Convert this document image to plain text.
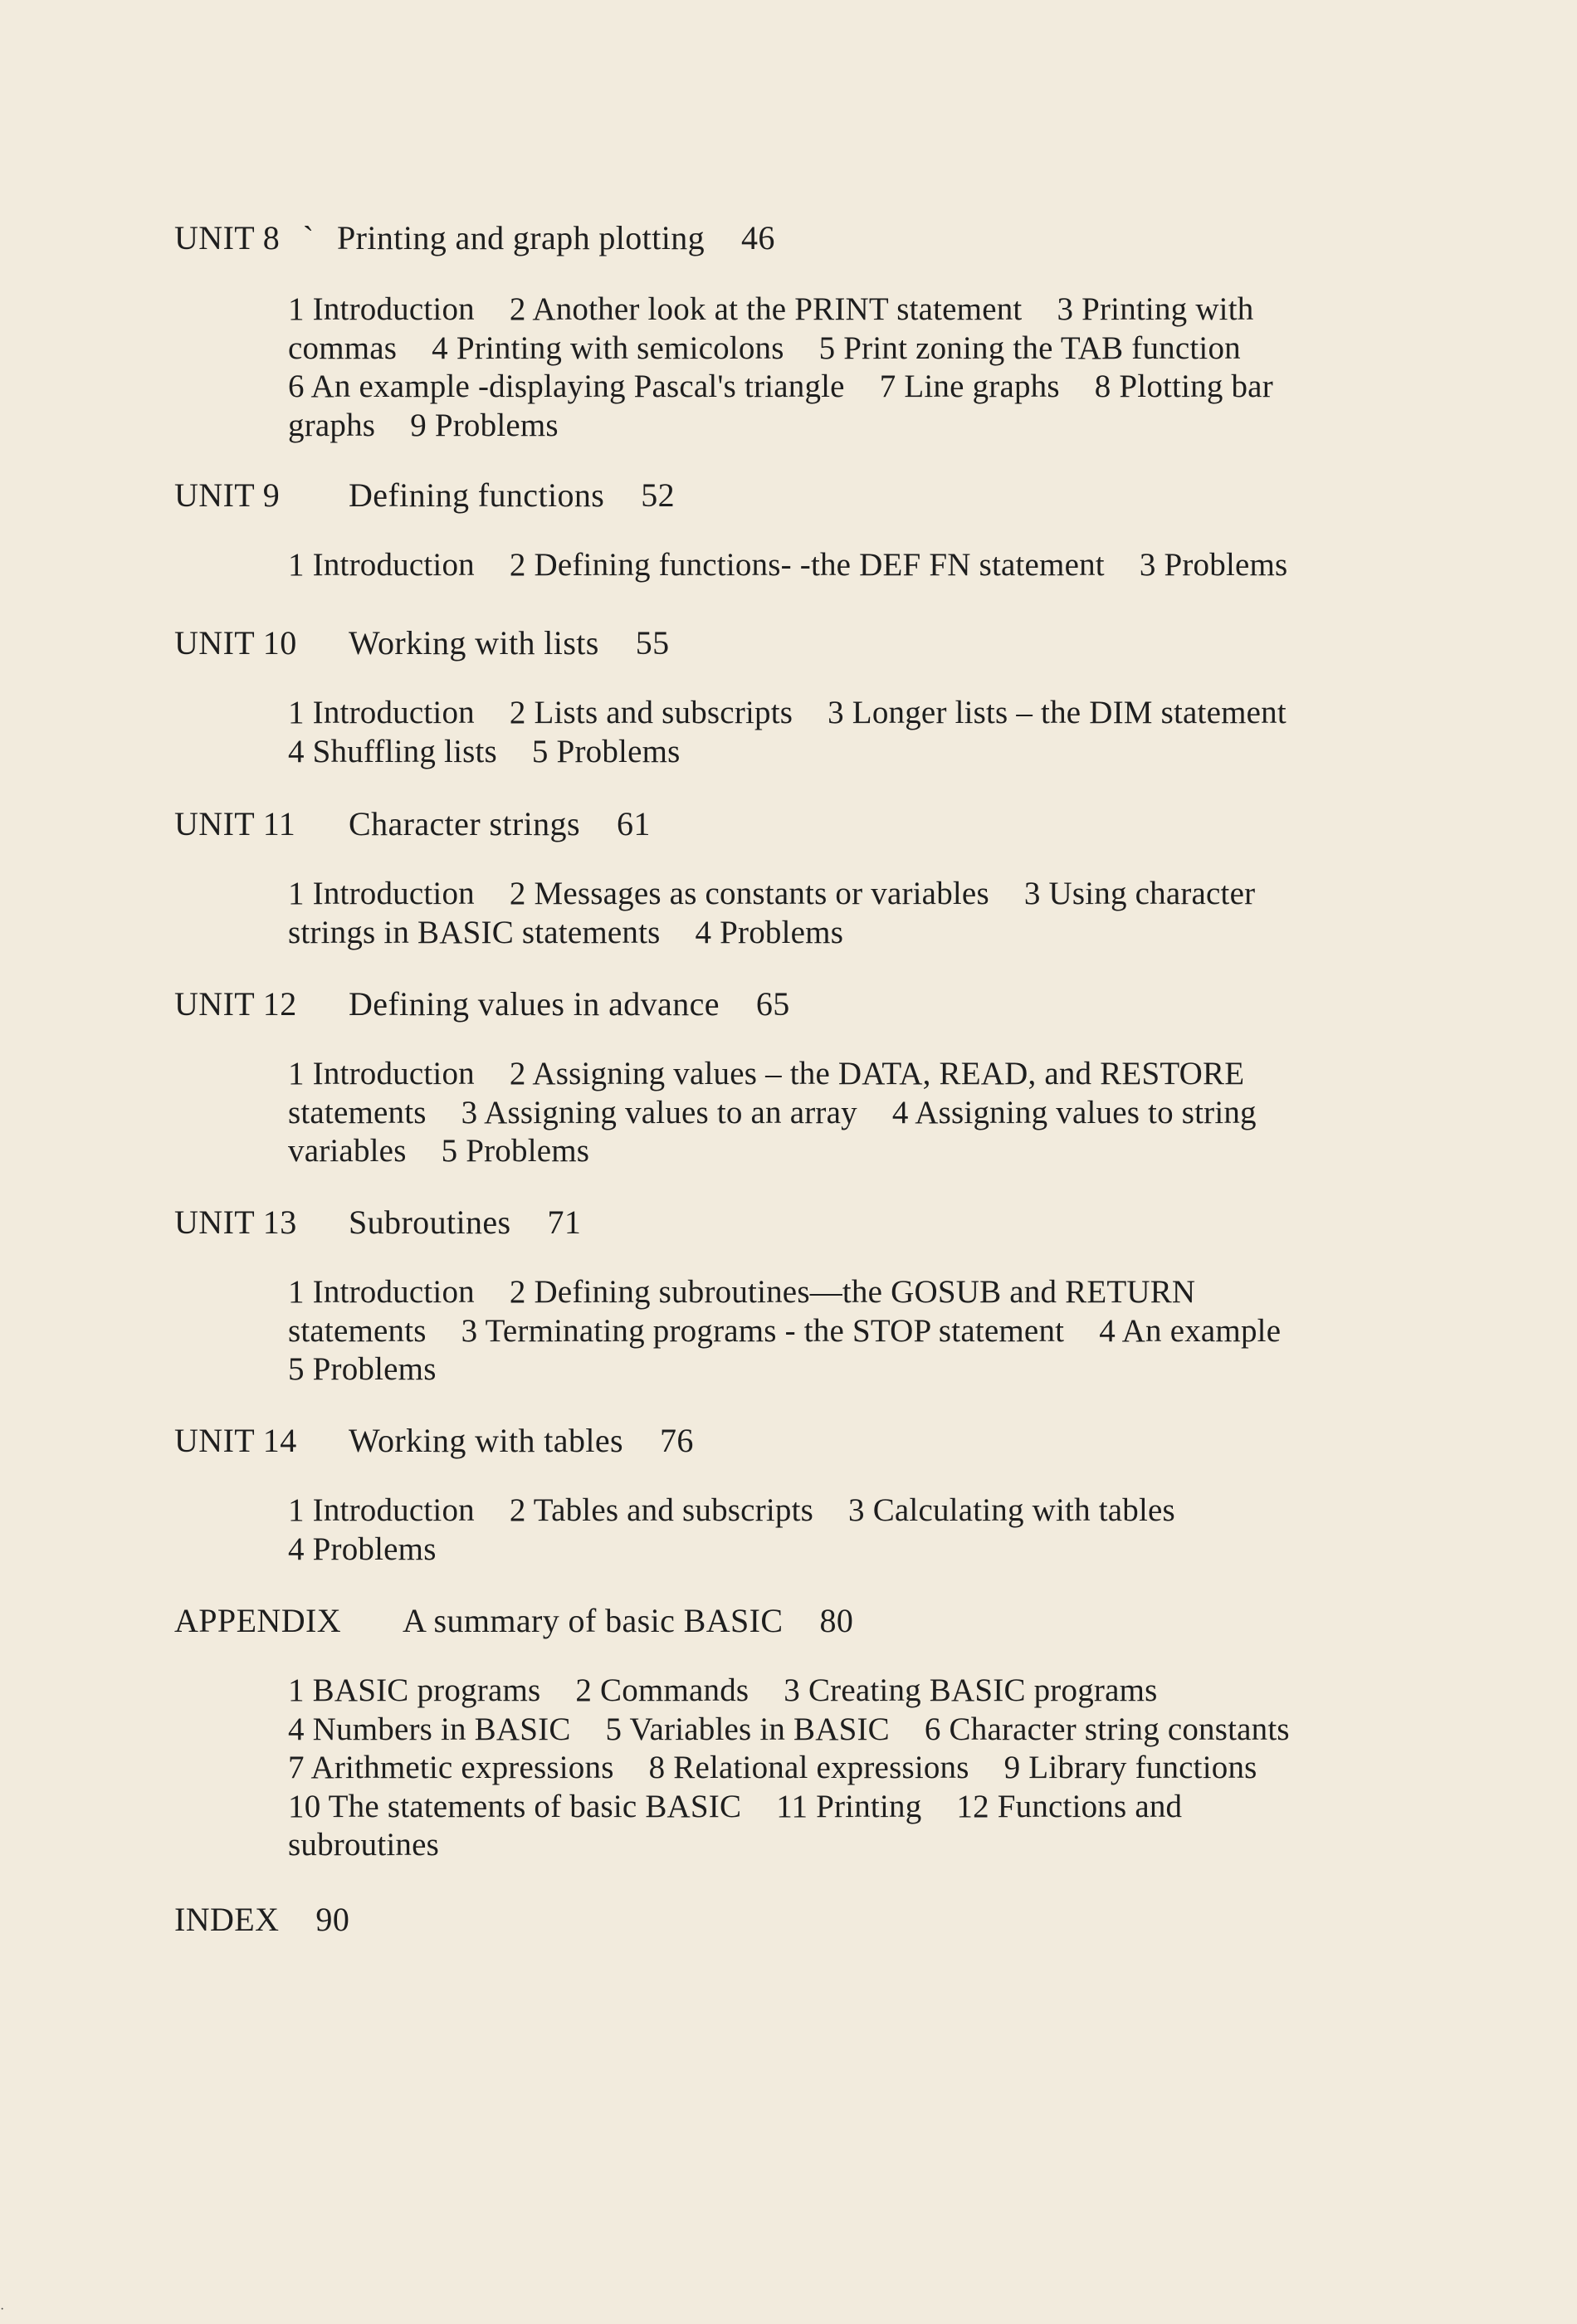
UNIT 8 ` Printing and graph plotting 46
1 Introduction 2 Another look at the PRINT statement 3 Printing with
commas 4 Printing with semicolons 5 Print zoning the TAB function
6 An example -displaying Pascal's triangle 7 Line graphs 8 Plotting bar
graphs 9 Problems
UNIT 9 Defining functions 52
1 Introduction 2 Defining functions- -the DEF FN statement 3 Problems
UNIT 10 Working with lists 55
1 Introduction 2 Lists and subscripts 3 Longer lists – the DIM statement
4 Shuffling lists 5 Problems
UNIT 11 Character strings 61
1 Introduction 2 Messages as constants or variables 3 Using character
strings in BASIC statements 4 Problems
UNIT 12 Defining values in advance 65
1 Introduction 2 Assigning values – the DATA, READ, and RESTORE
statements 3 Assigning values to an array 4 Assigning values to string
variables 5 Problems
UNIT 13 Subroutines 71
1 Introduction 2 Defining subroutines—the GOSUB and RETURN
statements 3 Terminating programs - the STOP statement 4 An example
5 Problems
UNIT 14 Working with tables 76
1 Introduction 2 Tables and subscripts 3 Calculating with tables
4 Problems
APPENDIX A summary of basic BASIC 80
1 BASIC programs 2 Commands 3 Creating BASIC programs
4 Numbers in BASIC 5 Variables in BASIC 6 Character string constants
7 Arithmetic expressions 8 Relational expressions 9 Library functions
10 The statements of basic BASIC 11 Printing 12 Functions and
subroutines
INDEX 90
·
